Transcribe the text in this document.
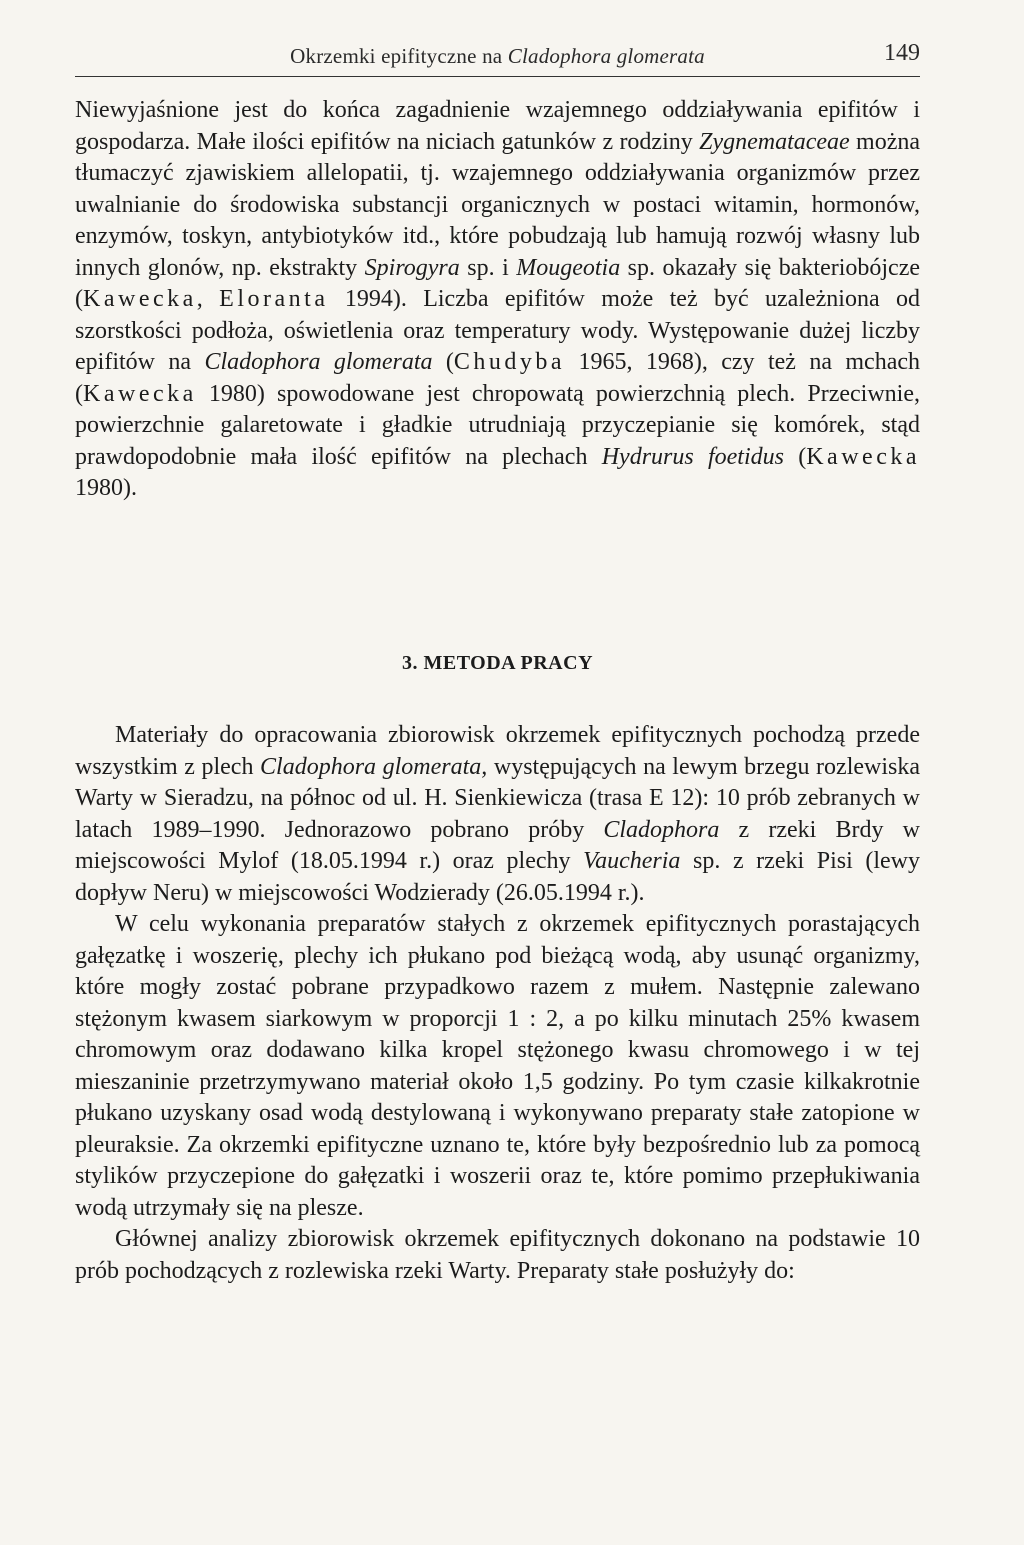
Okrzemki epifityczne na Cladophora glomerata	149

Niewyjaśnione jest do końca zagadnienie wzajemnego oddziaływania epifitów i gospodarza. Małe ilości epifitów na niciach gatunków z rodziny Zygnemataceae można tłumaczyć zjawiskiem allelopatii, tj. wzajemnego oddziaływania organizmów przez uwalnianie do środowiska substancji organicznych w postaci witamin, hormonów, enzymów, toskyn, antybiotyków itd., które pobudzają lub hamują rozwój własny lub innych glonów, np. ekstrakty Spirogyra sp. i Mougeotia sp. okazały się bakteriobójcze (Kawecka, Eloranta 1994). Liczba epifitów może też być uzależniona od szorstkości podłoża, oświetlenia oraz temperatury wody. Występowanie dużej liczby epifitów na Cladophora glomerata (Chudyba 1965, 1968), czy też na mchach (Kawecka 1980) spowodowane jest chropowatą powierzchnią plech. Przeciwnie, powierzchnie galaretowate i gładkie utrudniają przyczepianie się komórek, stąd prawdopodobnie mała ilość epifitów na plechach Hydrurus foetidus (Kawecka 1980).

3. METODA PRACY

Materiały do opracowania zbiorowisk okrzemek epifitycznych pochodzą przede wszystkim z plech Cladophora glomerata, występujących na lewym brzegu rozlewiska Warty w Sieradzu, na północ od ul. H. Sienkiewicza (trasa E 12): 10 prób zebranych w latach 1989–1990. Jednorazowo pobrano próby Cladophora z rzeki Brdy w miejscowości Mylof (18.05.1994 r.) oraz plechy Vaucheria sp. z rzeki Pisi (lewy dopływ Neru) w miejscowości Wodzierady (26.05.1994 r.).

W celu wykonania preparatów stałych z okrzemek epifitycznych porastających gałęzatkę i woszerię, plechy ich płukano pod bieżącą wodą, aby usunąć organizmy, które mogły zostać pobrane przypadkowo razem z mułem. Następnie zalewano stężonym kwasem siarkowym w proporcji 1 : 2, a po kilku minutach 25% kwasem chromowym oraz dodawano kilka kropel stężonego kwasu chromowego i w tej mieszaninie przetrzymywano materiał około 1,5 godziny. Po tym czasie kilkakrotnie płukano uzyskany osad wodą destylowaną i wykonywano preparaty stałe zatopione w pleuraksie. Za okrzemki epifityczne uznano te, które były bezpośrednio lub za pomocą stylików przyczepione do gałęzatki i woszerii oraz te, które pomimo przepłukiwania wodą utrzymały się na plesze.

Głównej analizy zbiorowisk okrzemek epifitycznych dokonano na podstawie 10 prób pochodzących z rozlewiska rzeki Warty. Preparaty stałe posłużyły do:
